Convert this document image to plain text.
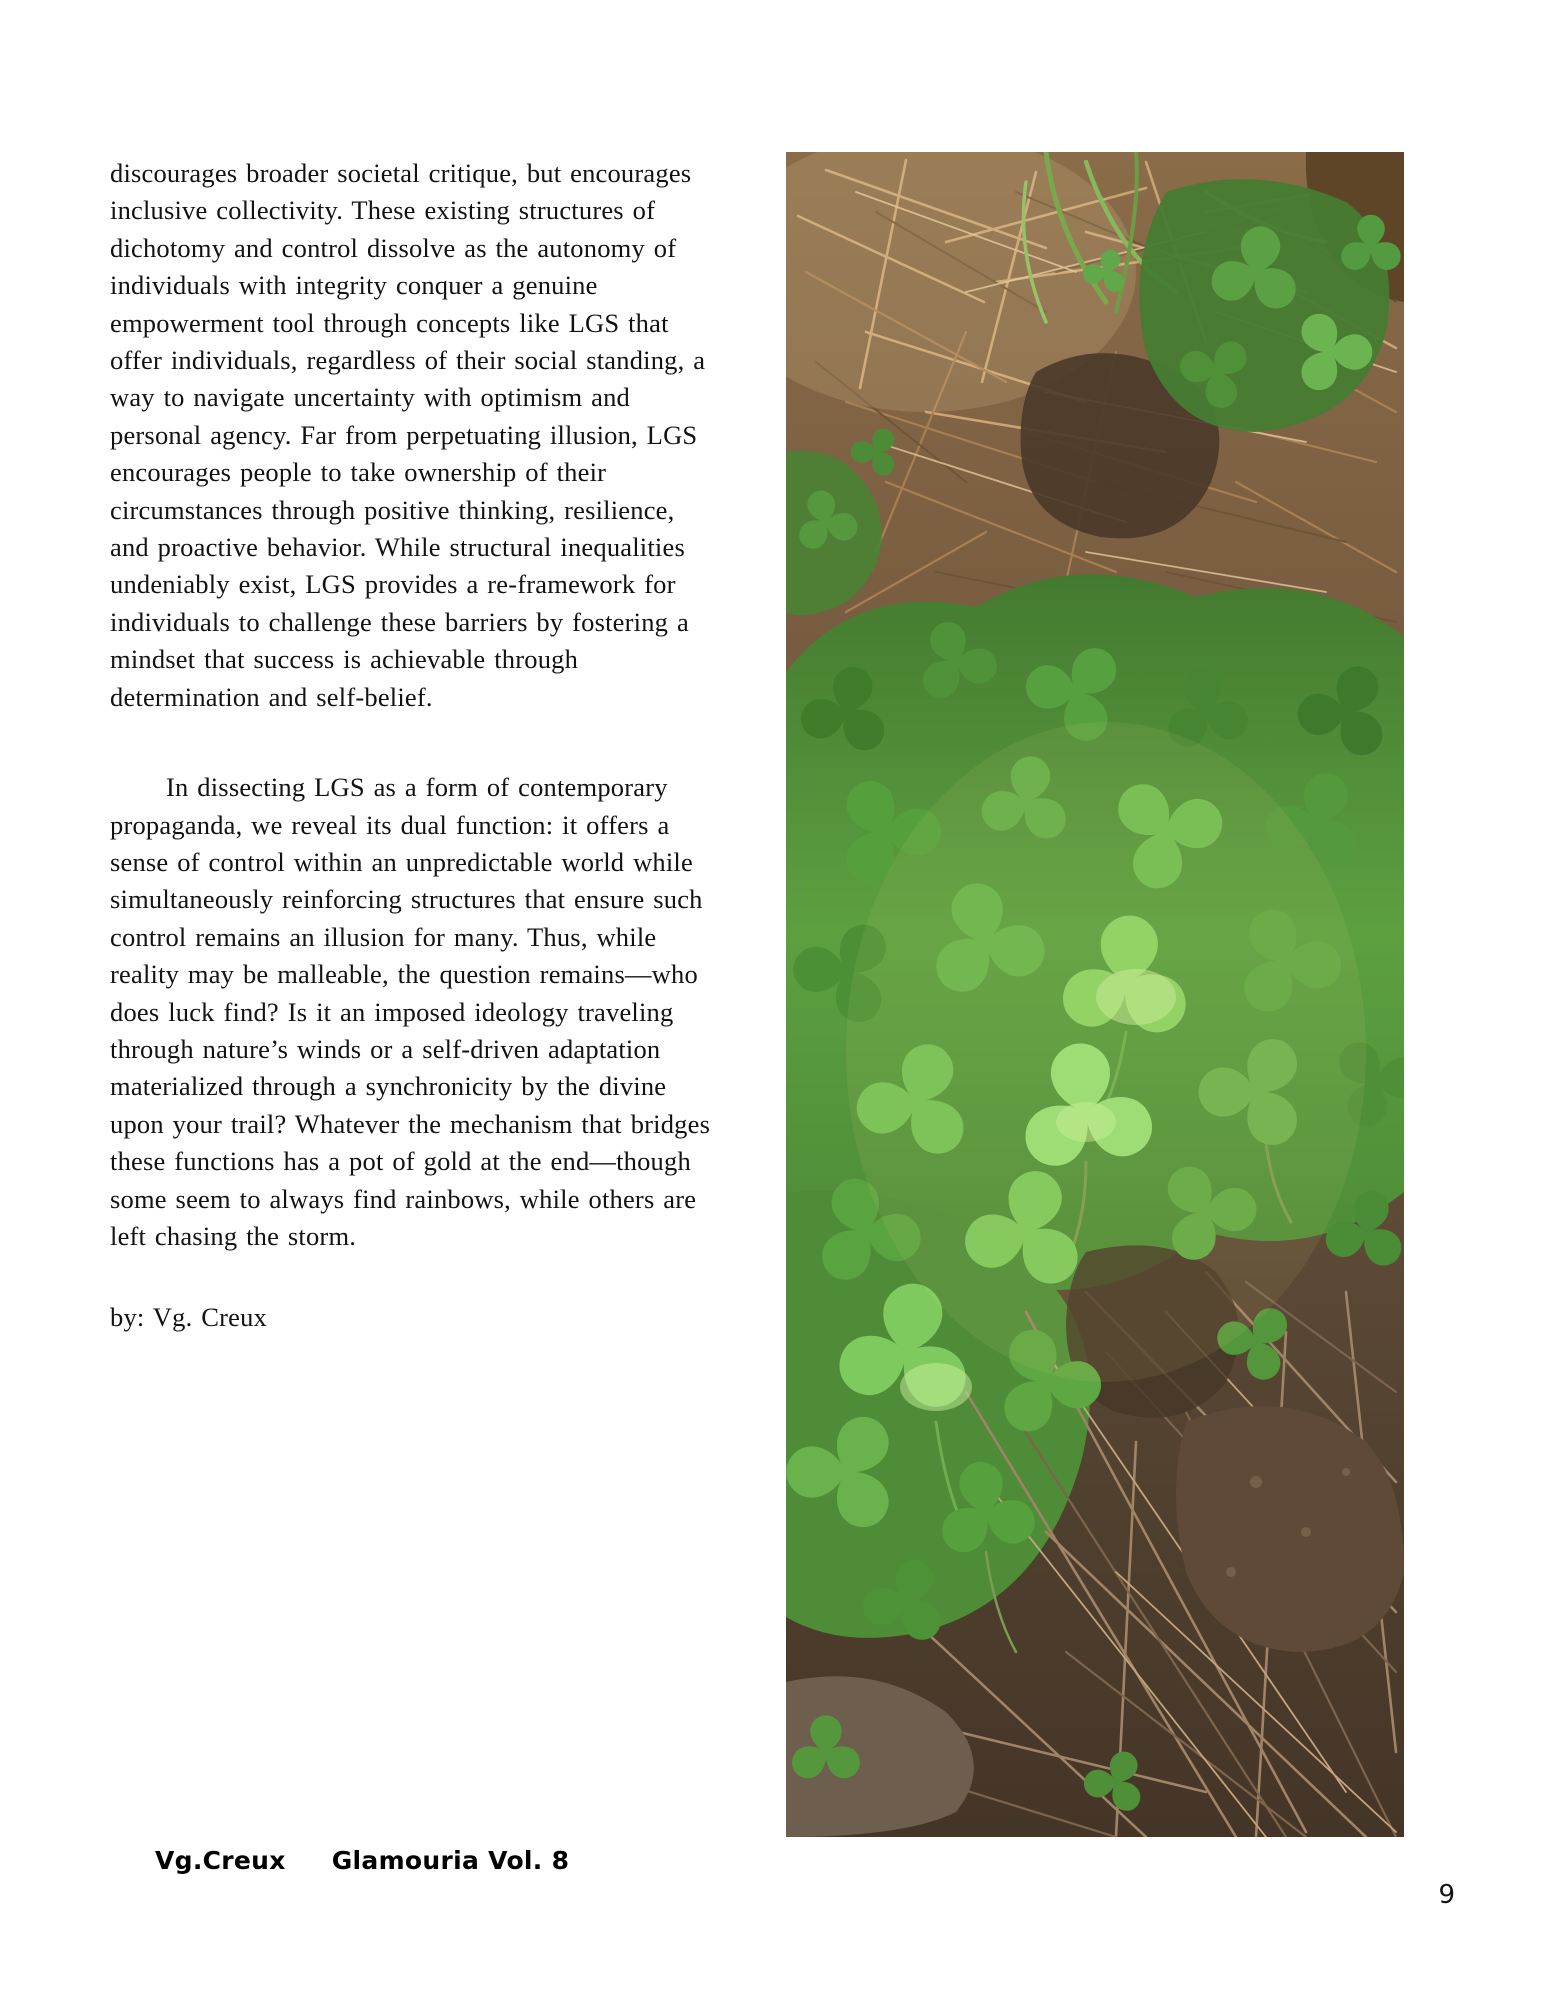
discourages broader societal critique, but encourages
inclusive collectivity. These existing structures of
dichotomy and control dissolve as the autonomy of
individuals with integrity conquer a genuine
empowerment tool through concepts like LGS that
offer individuals, regardless of their social standing, a
way to navigate uncertainty with optimism and
personal agency. Far from perpetuating illusion, LGS
encourages people to take ownership of their
circumstances through positive thinking, resilience,
and proactive behavior. While structural inequalities
undeniably exist, LGS provides a re-framework for
individuals to challenge these barriers by fostering a
mindset that success is achievable through
determination and self-belief.
In dissecting LGS as a form of contemporary
propaganda, we reveal its dual function: it offers a
sense of control within an unpredictable world while
simultaneously reinforcing structures that ensure such
control remains an illusion for many. Thus, while
reality may be malleable, the question remains—who
does luck find? Is it an imposed ideology traveling
through nature’s winds or a self-driven adaptation
materialized through a synchronicity by the divine
upon your trail? Whatever the mechanism that bridges
these functions has a pot of gold at the end—though
some seem to always find rainbows, while others are
left chasing the storm.
by: Vg. Creux
Vg.Creux Glamouria Vol. 8
9
